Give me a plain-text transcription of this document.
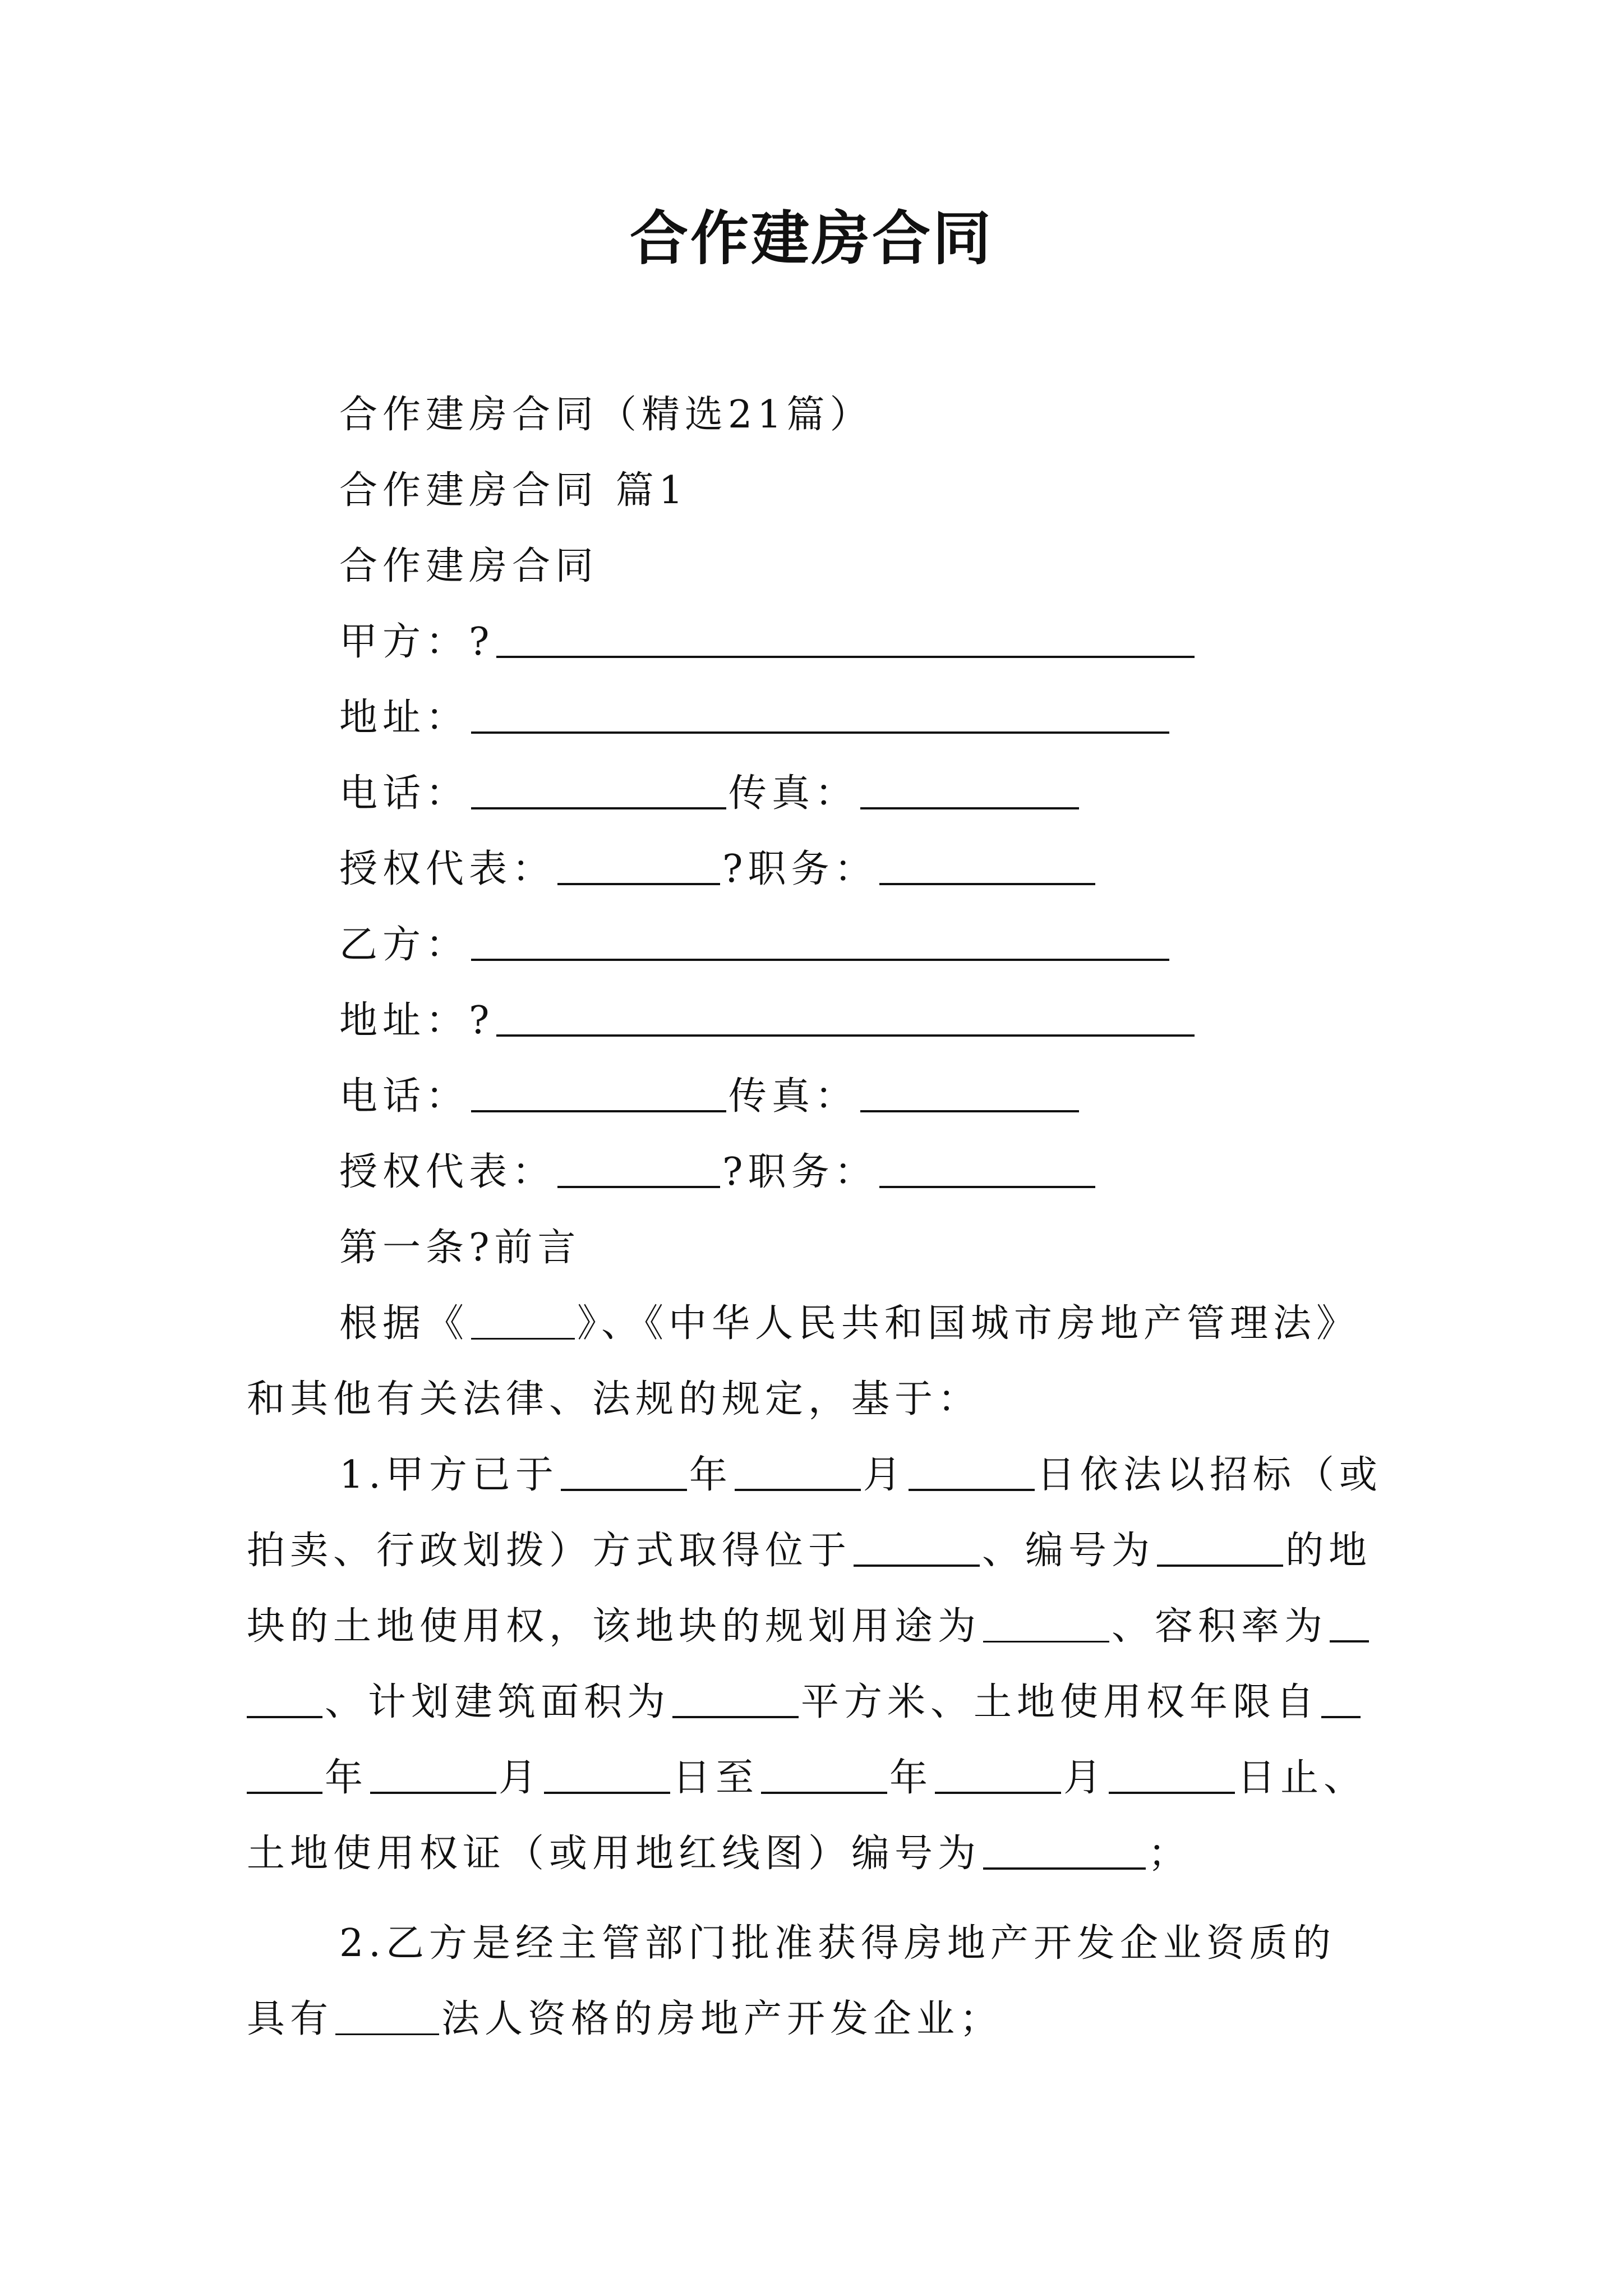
合作建房合同
合作建房合同（精选21篇）
合作建房合同 篇1
合作建房合同
甲方：?
地址：
电话：	传真：
授权代表：	?职务：
乙方：
地址：?
电话：	传真：
授权代表：	?职务：
第一条?前言
根据《	》、《中华人民共和国城市房地产管理法》
和其他有关法律、法规的规定，基于：
1.甲方已于	年	月	日依法以招标（或
拍卖、行政划拨）方式取得位于	、编号为	的地
块的土地使用权，该地块的规划用途为	、容积率为
、计划建筑面积为	平方米、土地使用权年限自
年	月	日至	年	月	日止、
土地使用权证（或用地红线图）编号为	；
2.乙方是经主管部门批准获得房地产开发企业资质的
具有	法人资格的房地产开发企业；
